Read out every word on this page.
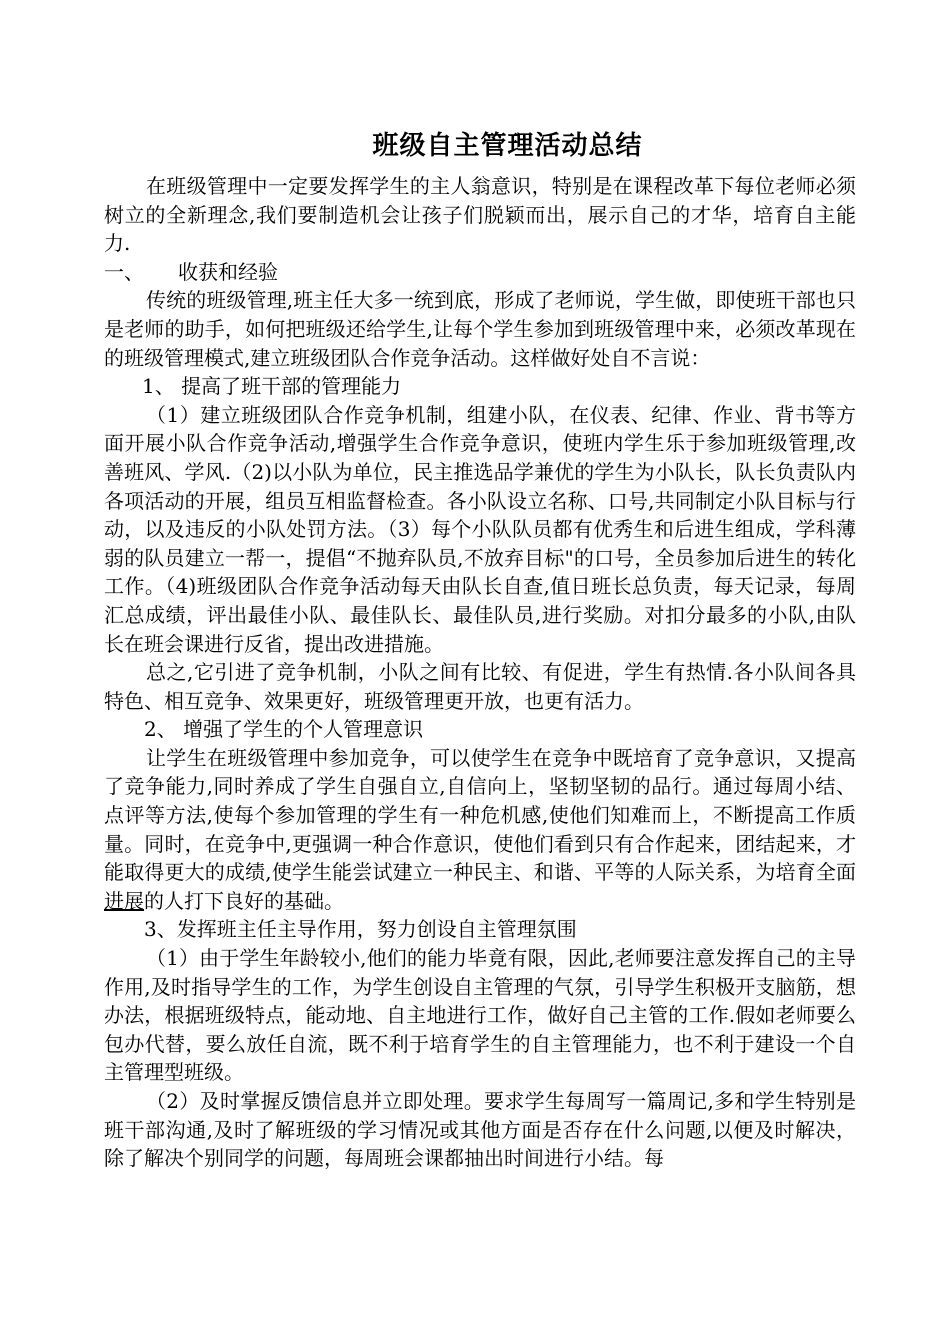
班级自主管理活动总结

在班级管理中一定要发挥学生的主人翁意识，特别是在课程改革下每位老师必须树立的全新理念,我们要制造机会让孩子们脱颖而出，展示自己的才华，培育自主能力.

一、 收获和经验

传统的班级管理,班主任大多一统到底，形成了老师说，学生做，即使班干部也只是老师的助手，如何把班级还给学生,让每个学生参加到班级管理中来，必须改革现在的班级管理模式,建立班级团队合作竞争活动。这样做好处自不言说：

1、 提高了班干部的管理能力

（1）建立班级团队合作竞争机制，组建小队，在仪表、纪律、作业、背书等方面开展小队合作竞争活动,增强学生合作竞争意识，使班内学生乐于参加班级管理,改善班风、学风.（2)以小队为单位，民主推选品学兼优的学生为小队长，队长负责队内各项活动的开展，组员互相监督检查。各小队设立名称、口号,共同制定小队目标与行动，以及违反的小队处罚方法。（3）每个小队队员都有优秀生和后进生组成，学科薄弱的队员建立一帮一，提倡“不抛弃队员,不放弃目标"的口号，全员参加后进生的转化工作。（4)班级团队合作竞争活动每天由队长自查,值日班长总负责，每天记录，每周汇总成绩，评出最佳小队、最佳队长、最佳队员,进行奖励。对扣分最多的小队,由队长在班会课进行反省，提出改进措施。

总之,它引进了竞争机制，小队之间有比较、有促进，学生有热情.各小队间各具特色、相互竞争、效果更好，班级管理更开放，也更有活力。

2、 增强了学生的个人管理意识

让学生在班级管理中参加竞争，可以使学生在竞争中既培育了竞争意识，又提高了竞争能力,同时养成了学生自强自立,自信向上，坚韧坚韧的品行。通过每周小结、点评等方法,使每个参加管理的学生有一种危机感,使他们知难而上，不断提高工作质量。同时，在竞争中,更强调一种合作意识，使他们看到只有合作起来，团结起来，才能取得更大的成绩,使学生能尝试建立一种民主、和谐、平等的人际关系，为培育全面进展的人打下良好的基础。

3、发挥班主任主导作用，努力创设自主管理氛围

（1）由于学生年龄较小,他们的能力毕竟有限，因此,老师要注意发挥自己的主导作用,及时指导学生的工作，为学生创设自主管理的气氛，引导学生积极开支脑筋，想办法，根据班级特点，能动地、自主地进行工作，做好自己主管的工作.假如老师要么包办代替，要么放任自流，既不利于培育学生的自主管理能力，也不利于建设一个自主管理型班级。

（2）及时掌握反馈信息并立即处理。要求学生每周写一篇周记,多和学生特别是班干部沟通,及时了解班级的学习情况或其他方面是否存在什么问题,以便及时解决，除了解决个别同学的问题，每周班会课都抽出时间进行小结。每
